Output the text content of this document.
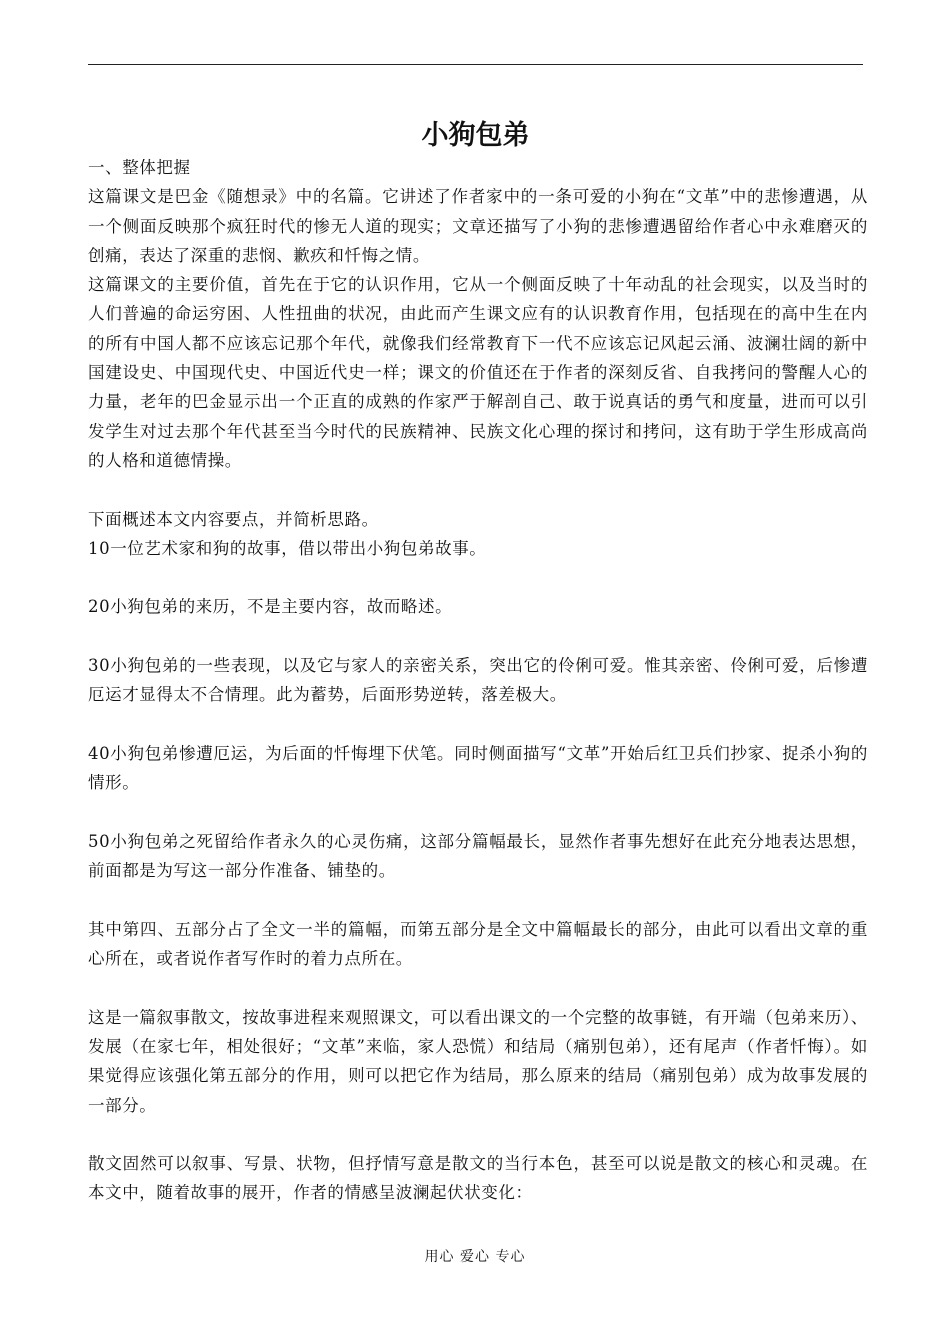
小狗包弟

一、整体把握

这篇课文是巴金《随想录》中的名篇。它讲述了作者家中的一条可爱的小狗在“文革”中的悲惨遭遇，从一个侧面反映那个疯狂时代的惨无人道的现实；文章还描写了小狗的悲惨遭遇留给作者心中永难磨灭的创痛，表达了深重的悲悯、歉疚和忏悔之情。

这篇课文的主要价值，首先在于它的认识作用，它从一个侧面反映了十年动乱的社会现实，以及当时的人们普遍的命运穷困、人性扭曲的状况，由此而产生课文应有的认识教育作用，包括现在的高中生在内的所有中国人都不应该忘记那个年代，就像我们经常教育下一代不应该忘记风起云涌、波澜壮阔的新中国建设史、中国现代史、中国近代史一样；课文的价值还在于作者的深刻反省、自我拷问的警醒人心的力量，老年的巴金显示出一个正直的成熟的作家严于解剖自己、敢于说真话的勇气和度量，进而可以引发学生对过去那个年代甚至当今时代的民族精神、民族文化心理的探讨和拷问，这有助于学生形成高尚的人格和道德情操。

下面概述本文内容要点，并简析思路。

10一位艺术家和狗的故事，借以带出小狗包弟故事。

20小狗包弟的来历，不是主要内容，故而略述。

30小狗包弟的一些表现，以及它与家人的亲密关系，突出它的伶俐可爱。惟其亲密、伶俐可爱，后惨遭厄运才显得太不合情理。此为蓄势，后面形势逆转，落差极大。

40小狗包弟惨遭厄运，为后面的忏悔埋下伏笔。同时侧面描写“文革”开始后红卫兵们抄家、捉杀小狗的情形。

50小狗包弟之死留给作者永久的心灵伤痛，这部分篇幅最长，显然作者事先想好在此充分地表达思想，前面都是为写这一部分作准备、铺垫的。

其中第四、五部分占了全文一半的篇幅，而第五部分是全文中篇幅最长的部分，由此可以看出文章的重心所在，或者说作者写作时的着力点所在。

这是一篇叙事散文，按故事进程来观照课文，可以看出课文的一个完整的故事链，有开端（包弟来历）、发展（在家七年，相处很好；“文革”来临，家人恐慌）和结局（痛别包弟），还有尾声（作者忏悔）。如果觉得应该强化第五部分的作用，则可以把它作为结局，那么原来的结局（痛别包弟）成为故事发展的一部分。

散文固然可以叙事、写景、状物，但抒情写意是散文的当行本色，甚至可以说是散文的核心和灵魂。在本文中，随着故事的展开，作者的情感呈波澜起伏状变化：

用心 爱心 专心
